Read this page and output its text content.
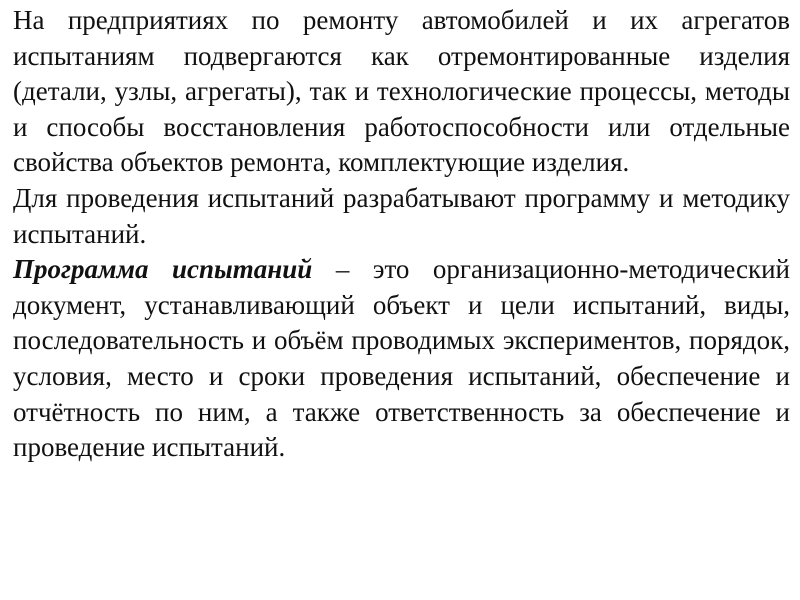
На предприятиях по ремонту автомобилей и их агрегатов испытаниям подвергаются как отремонтированные изделия (детали, узлы, агрегаты), так и технологические процессы, методы и способы восстановления работоспособности или отдельные свойства объектов ремонта, комплектующие изделия.

Для проведения испытаний разрабатывают программу и методику испытаний.

Программа испытаний – это организационно-методический документ, устанавливающий объект и цели испытаний, виды, последовательность и объём проводимых экспериментов, порядок, условия, место и сроки проведения испытаний, обеспечение и отчётность по ним, а также ответственность за обеспечение и проведение испытаний.
